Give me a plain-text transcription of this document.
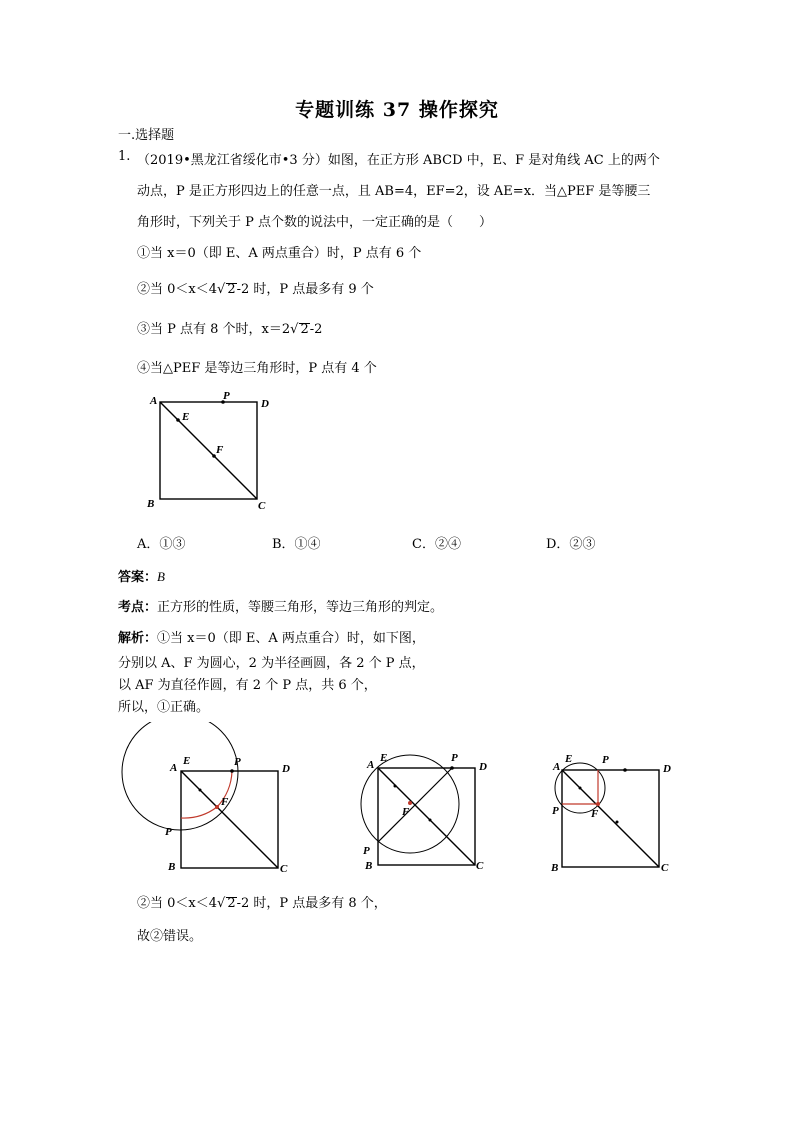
专题训练 37 操作探究
一.选择题
1. （2019•黑龙江省绥化市•3 分）如图，在正方形 ABCD 中，E、F 是对角线 AC 上的两个
动点，P 是正方形四边上的任意一点，且 AB=4，EF=2，设 AE=x．当△PEF 是等腰三
角形时，下列关于 P 点个数的说法中，一定正确的是（　　）
①当 x＝0（即 E、A 两点重合）时，P 点有 6 个
②当 0＜x＜4√ 2-2 时，P 点最多有 9 个
③当 P 点有 8 个时，x＝2√ 2-2
④当△PEF 是等边三角形时，P 点有 4 个
A	D
B	C
E
F
P
A．①③	B．①④	C．②④	D．②③
答案：B
考点：正方形的性质，等腰三角形，等边三角形的判定。
解析：①当 x＝0（即 E、A 两点重合）时，如下图，
分别以 A、F 为圆心，2 为半径画圆，各 2 个 P 点，
以 AF 为直径作圆，有 2 个 P 点，共 6 个，
所以，①正确。
A
E
D
B	C
F
P
P
A
E
D
B	C
F
P
P
A
E
D
B	C
F
P
P
②当 0＜x＜4√ 2-2 时，P 点最多有 8 个，
故②错误。
